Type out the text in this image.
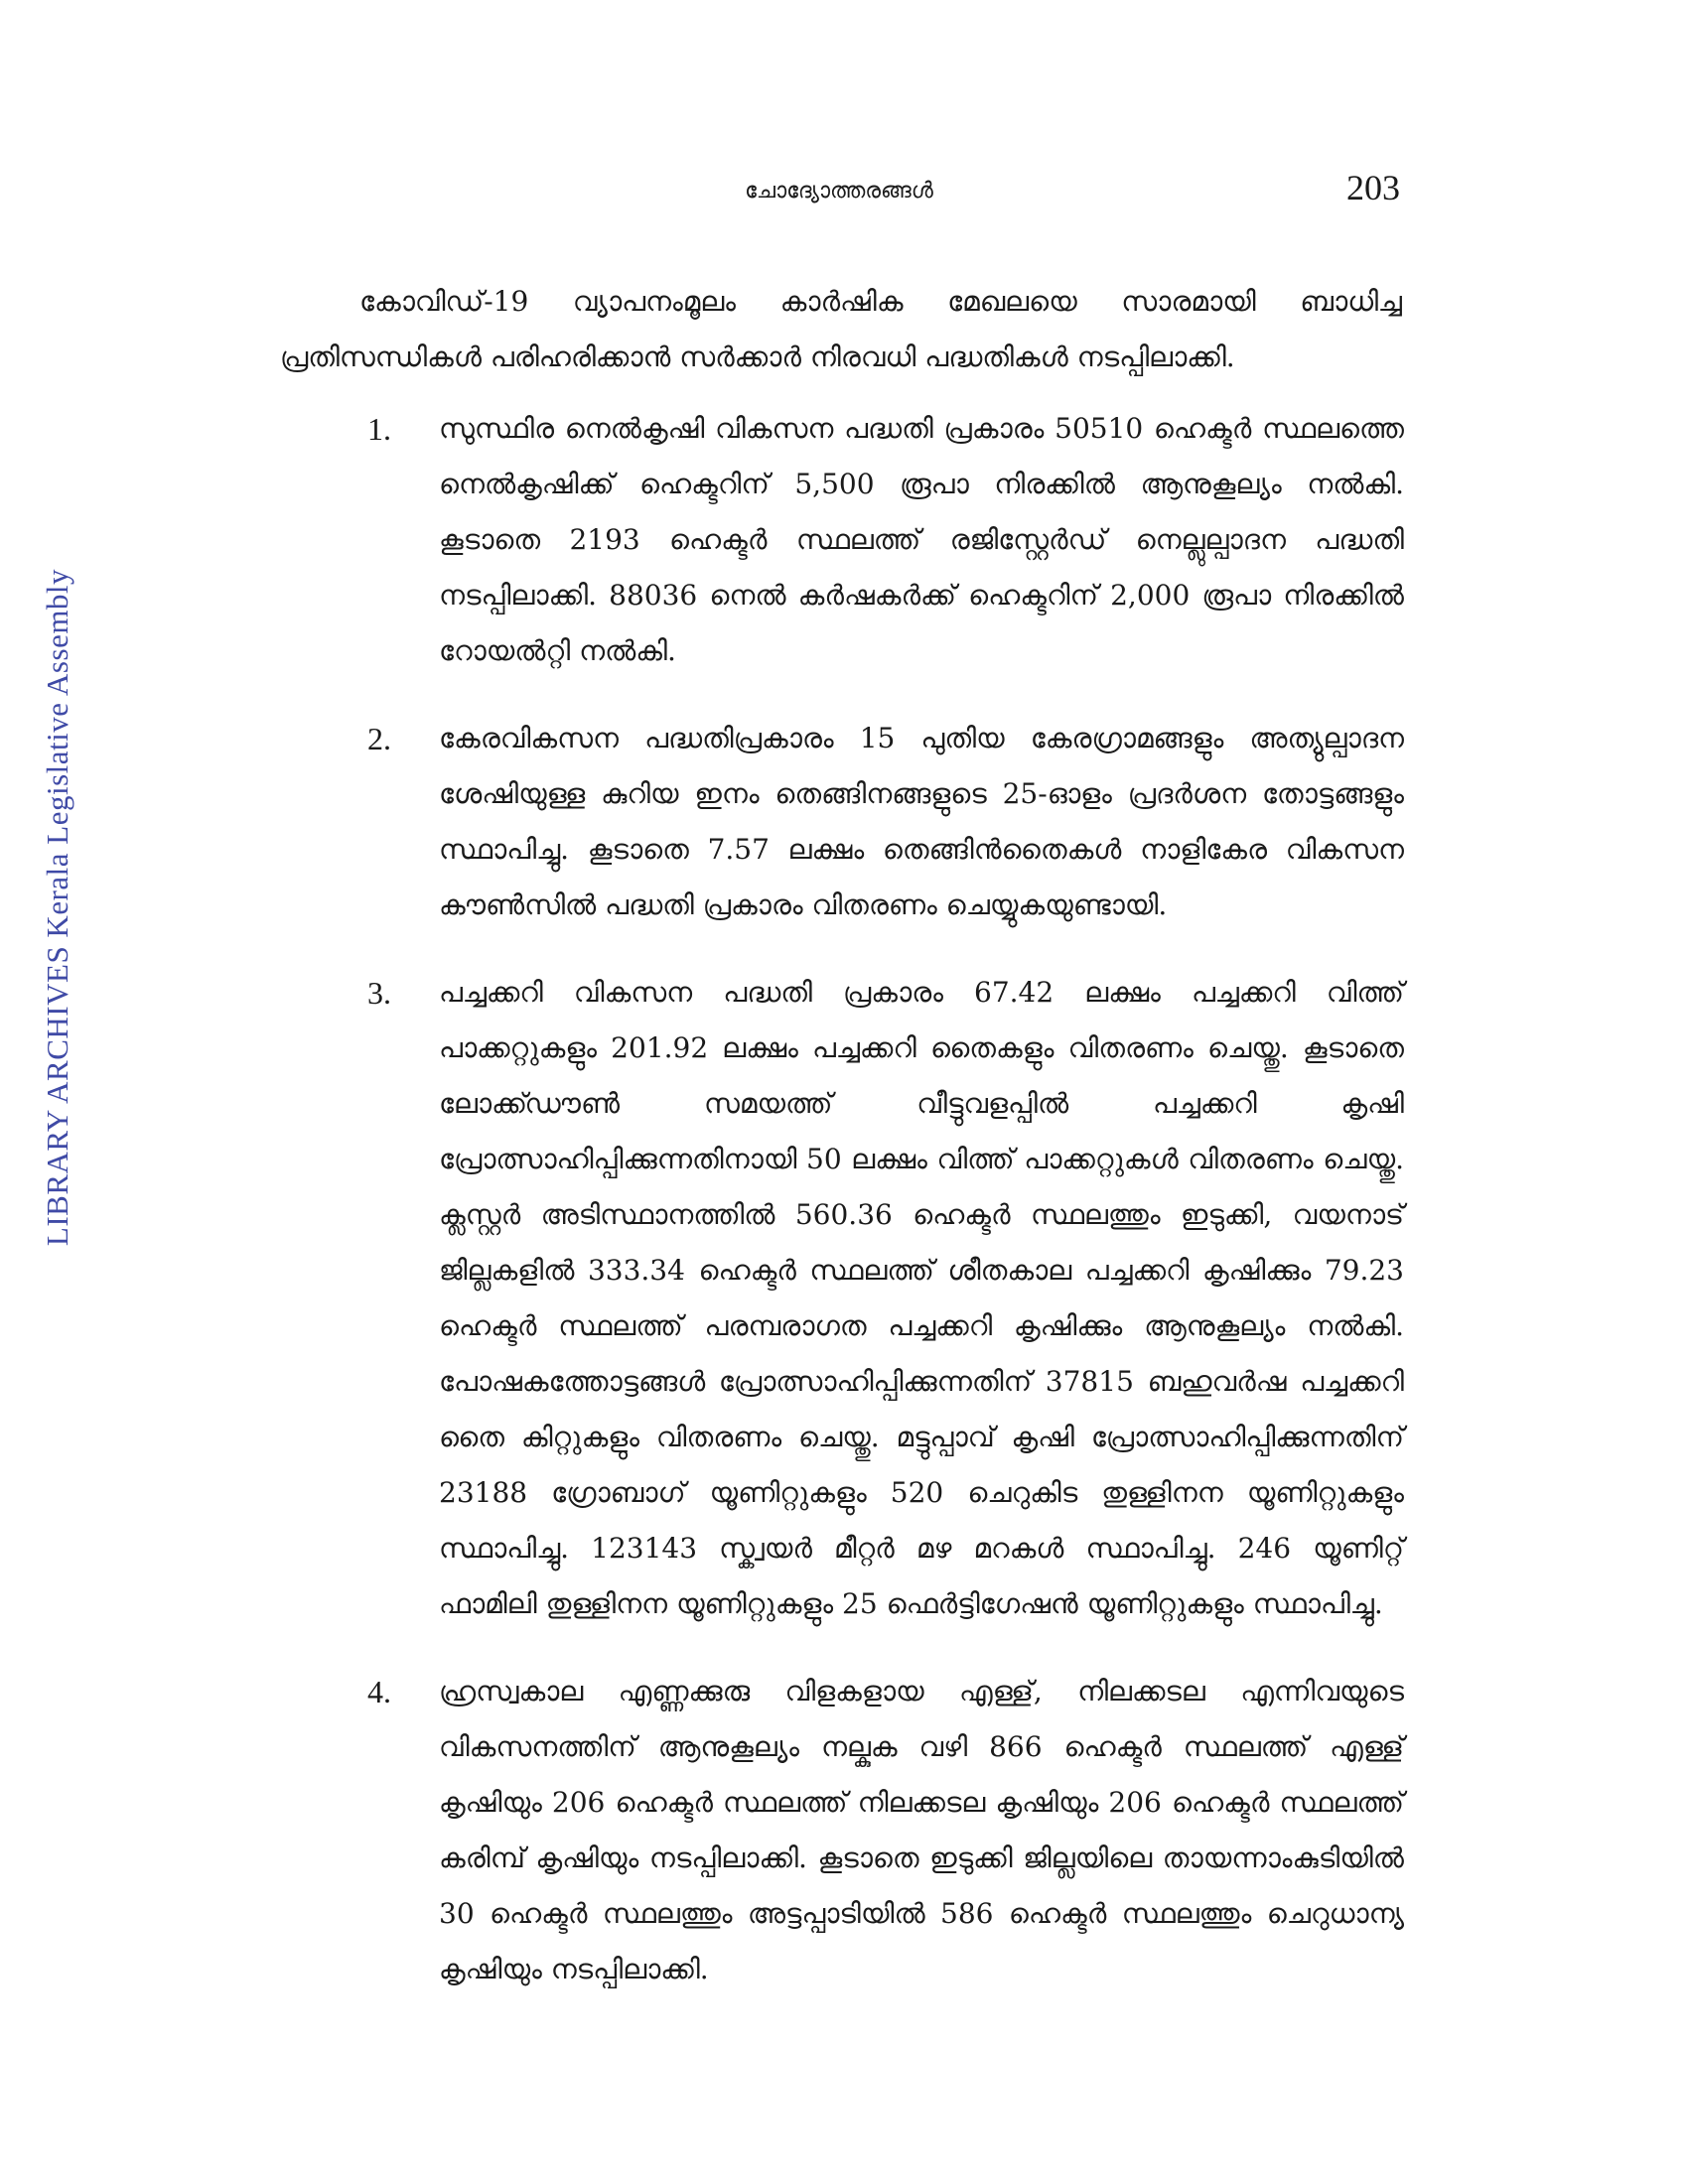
LIBRARY ARCHIVES Kerala Legislative Assembly
ചോദ്യോത്തരങ്ങൾ	203

കോവിഡ്-19 വ്യാപനംമൂലം കാർഷിക മേഖലയെ സാരമായി ബാധിച്ച പ്രതിസന്ധികൾ പരിഹരിക്കാൻ സർക്കാർ നിരവധി പദ്ധതികൾ നടപ്പിലാക്കി.

1. സുസ്ഥിര നെൽകൃഷി വികസന പദ്ധതി പ്രകാരം 50510 ഹെക്ടർ സ്ഥലത്തെ നെൽകൃഷിക്ക് ഹെക്ടറിന് 5,500 രൂപാ നിരക്കിൽ ആനുകൂല്യം നൽകി. കൂടാതെ 2193 ഹെക്ടർ സ്ഥലത്ത് രജിസ്റ്റേർഡ് നെല്ലുല്പാദന പദ്ധതി നടപ്പിലാക്കി. 88036 നെൽ കർഷകർക്ക് ഹെക്ടറിന് 2,000 രൂപാ നിരക്കിൽ റോയൽറ്റി നൽകി.
2. കേരവികസന പദ്ധതിപ്രകാരം 15 പുതിയ കേരഗ്രാമങ്ങളും അത്യുല്പാദന ശേഷിയുള്ള കുറിയ ഇനം തെങ്ങിനങ്ങളുടെ 25-ഓളം പ്രദർശന തോട്ടങ്ങളും സ്ഥാപിച്ചു. കൂടാതെ 7.57 ലക്ഷം തെങ്ങിൻതൈകൾ നാളികേര വികസന കൗൺസിൽ പദ്ധതി പ്രകാരം വിതരണം ചെയ്യുകയുണ്ടായി.
3. പച്ചക്കറി വികസന പദ്ധതി പ്രകാരം 67.42 ലക്ഷം പച്ചക്കറി വിത്ത് പാക്കറ്റുകളും 201.92 ലക്ഷം പച്ചക്കറി തൈകളും വിതരണം ചെയ്തു. കൂടാതെ ലോക്ക്ഡൗൺ സമയത്ത് വീട്ടുവളപ്പിൽ പച്ചക്കറി കൃഷി പ്രോത്സാഹിപ്പിക്കുന്നതിനായി 50 ലക്ഷം വിത്ത് പാക്കറ്റുകൾ വിതരണം ചെയ്തു. ക്ലസ്റ്റർ അടിസ്ഥാനത്തിൽ 560.36 ഹെക്ടർ സ്ഥലത്തും ഇടുക്കി, വയനാട് ജില്ലകളിൽ 333.34 ഹെക്ടർ സ്ഥലത്ത് ശീതകാല പച്ചക്കറി കൃഷിക്കും 79.23 ഹെക്ടർ സ്ഥലത്ത് പരമ്പരാഗത പച്ചക്കറി കൃഷിക്കും ആനുകൂല്യം നൽകി. പോഷകത്തോട്ടങ്ങൾ പ്രോത്സാഹിപ്പിക്കുന്നതിന് 37815 ബഹുവർഷ പച്ചക്കറി തൈ കിറ്റുകളും വിതരണം ചെയ്തു. മട്ടുപ്പാവ് കൃഷി പ്രോത്സാഹിപ്പിക്കുന്നതിന് 23188 ഗ്രോബാഗ് യൂണിറ്റുകളും 520 ചെറുകിട തുള്ളിനന യൂണിറ്റുകളും സ്ഥാപിച്ചു. 123143 സ്ക്വയർ മീറ്റർ മഴ മറകൾ സ്ഥാപിച്ചു. 246 യൂണിറ്റ് ഫാമിലി തുള്ളിനന യൂണിറ്റുകളും 25 ഫെർട്ടിഗേഷൻ യൂണിറ്റുകളും സ്ഥാപിച്ചു.
4. ഹ്രസ്വകാല എണ്ണക്കുരു വിളകളായ എള്ള്, നിലക്കടല എന്നിവയുടെ വികസനത്തിന് ആനുകൂല്യം നല്കുക വഴി 866 ഹെക്ടർ സ്ഥലത്ത് എള്ള് കൃഷിയും 206 ഹെക്ടർ സ്ഥലത്ത് നിലക്കടല കൃഷിയും 206 ഹെക്ടർ സ്ഥലത്ത് കരിമ്പ് കൃഷിയും നടപ്പിലാക്കി. കൂടാതെ ഇടുക്കി ജില്ലയിലെ തായന്നാംകുടിയിൽ 30 ഹെക്ടർ സ്ഥലത്തും അട്ടപ്പാടിയിൽ 586 ഹെക്ടർ സ്ഥലത്തും ചെറുധാന്യ കൃഷിയും നടപ്പിലാക്കി.
